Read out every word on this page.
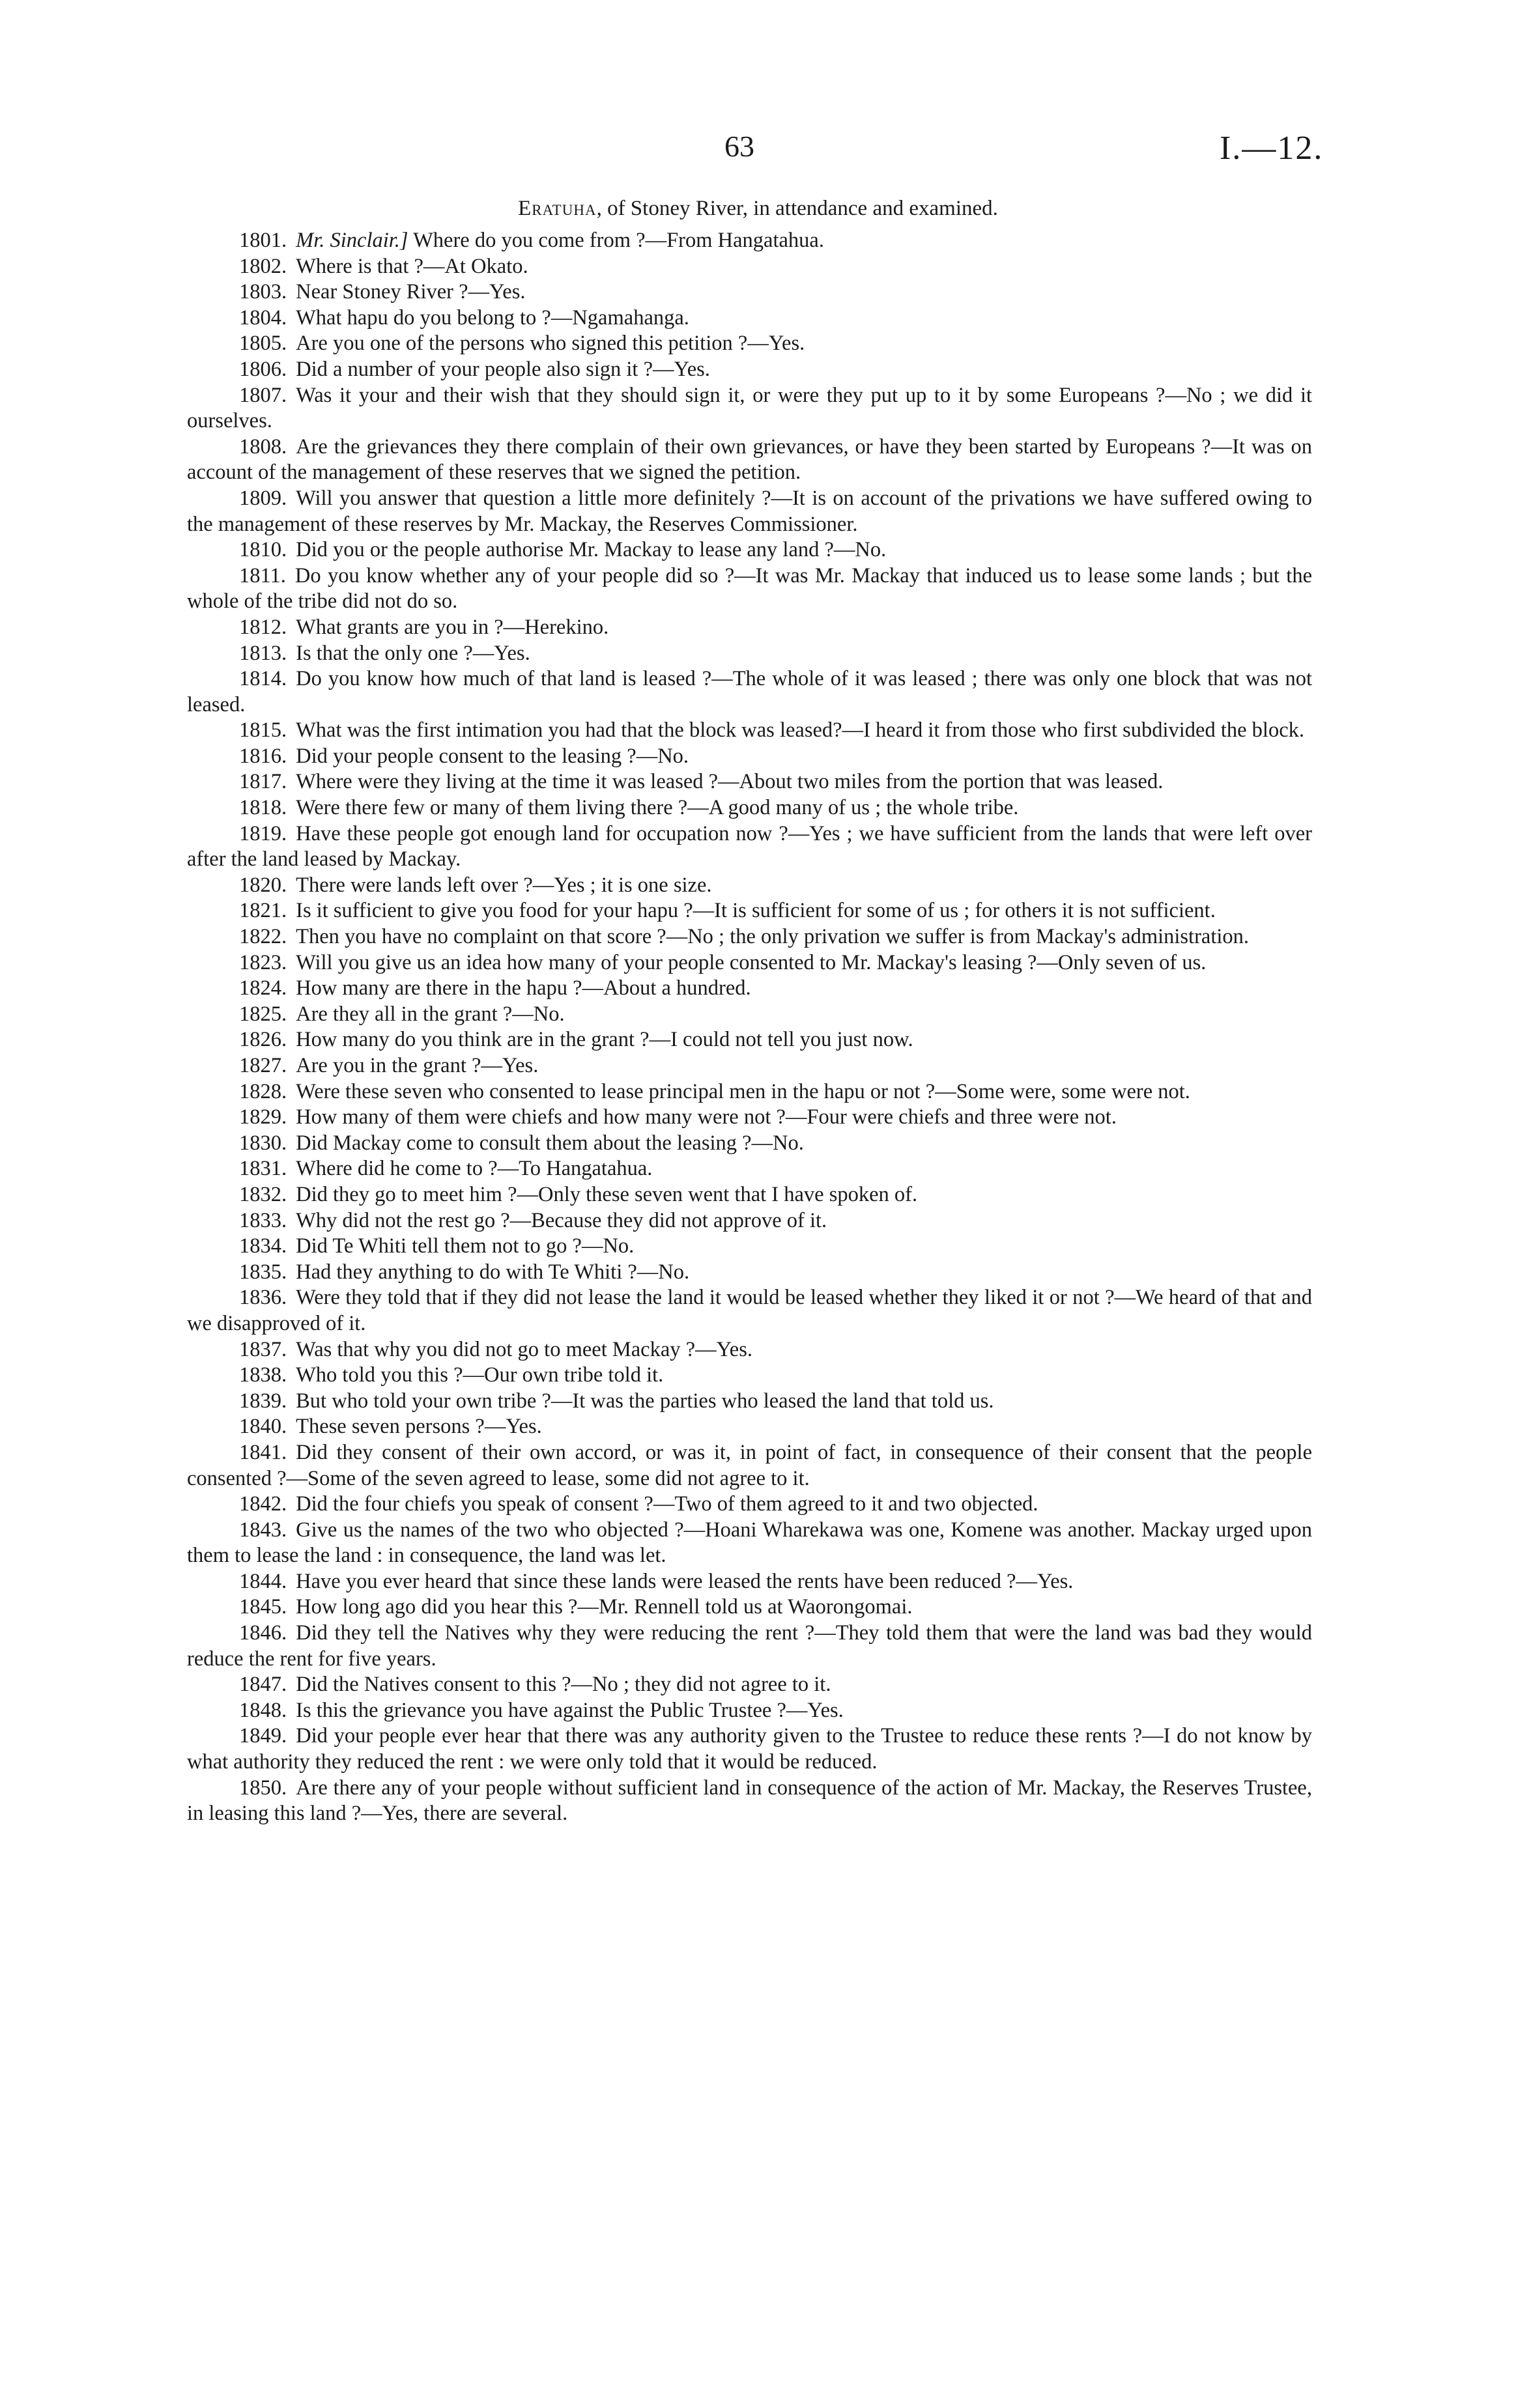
63	I.—12.
Eratuha, of Stoney River, in attendance and examined.

1801. Mr. Sinclair.] Where do you come from ?—From Hangatahua.

1802. Where is that ?—At Okato.

1803. Near Stoney River ?—Yes.

1804. What hapu do you belong to ?—Ngamahanga.

1805. Are you one of the persons who signed this petition ?—Yes.

1806. Did a number of your people also sign it ?—Yes.

1807. Was it your and their wish that they should sign it, or were they put up to it by some Europeans ?—No ; we did it ourselves.

1808. Are the grievances they there complain of their own grievances, or have they been started by Europeans ?—It was on account of the management of these reserves that we signed the petition.

1809. Will you answer that question a little more definitely ?—It is on account of the privations we have suffered owing to the management of these reserves by Mr. Mackay, the Reserves Commissioner.

1810. Did you or the people authorise Mr. Mackay to lease any land ?—No.

1811. Do you know whether any of your people did so ?—It was Mr. Mackay that induced us to lease some lands ; but the whole of the tribe did not do so.

1812. What grants are you in ?—Herekino.

1813. Is that the only one ?—Yes.

1814. Do you know how much of that land is leased ?—The whole of it was leased ; there was only one block that was not leased.

1815. What was the first intimation you had that the block was leased?—I heard it from those who first subdivided the block.

1816. Did your people consent to the leasing ?—No.

1817. Where were they living at the time it was leased ?—About two miles from the portion that was leased.

1818. Were there few or many of them living there ?—A good many of us ; the whole tribe.

1819. Have these people got enough land for occupation now ?—Yes ; we have sufficient from the lands that were left over after the land leased by Mackay.

1820. There were lands left over ?—Yes ; it is one size.

1821. Is it sufficient to give you food for your hapu ?—It is sufficient for some of us ; for others it is not sufficient.

1822. Then you have no complaint on that score ?—No ; the only privation we suffer is from Mackay's administration.

1823. Will you give us an idea how many of your people consented to Mr. Mackay's leasing ?—Only seven of us.

1824. How many are there in the hapu ?—About a hundred.

1825. Are they all in the grant ?—No.

1826. How many do you think are in the grant ?—I could not tell you just now.

1827. Are you in the grant ?—Yes.

1828. Were these seven who consented to lease principal men in the hapu or not ?—Some were, some were not.

1829. How many of them were chiefs and how many were not ?—Four were chiefs and three were not.

1830. Did Mackay come to consult them about the leasing ?—No.

1831. Where did he come to ?—To Hangatahua.

1832. Did they go to meet him ?—Only these seven went that I have spoken of.

1833. Why did not the rest go ?—Because they did not approve of it.

1834. Did Te Whiti tell them not to go ?—No.

1835. Had they anything to do with Te Whiti ?—No.

1836. Were they told that if they did not lease the land it would be leased whether they liked it or not ?—We heard of that and we disapproved of it.

1837. Was that why you did not go to meet Mackay ?—Yes.

1838. Who told you this ?—Our own tribe told it.

1839. But who told your own tribe ?—It was the parties who leased the land that told us.

1840. These seven persons ?—Yes.

1841. Did they consent of their own accord, or was it, in point of fact, in consequence of their consent that the people consented ?—Some of the seven agreed to lease, some did not agree to it.

1842. Did the four chiefs you speak of consent ?—Two of them agreed to it and two objected.

1843. Give us the names of the two who objected ?—Hoani Wharekawa was one, Komene was another. Mackay urged upon them to lease the land : in consequence, the land was let.

1844. Have you ever heard that since these lands were leased the rents have been reduced ?—Yes.

1845. How long ago did you hear this ?—Mr. Rennell told us at Waorongomai.

1846. Did they tell the Natives why they were reducing the rent ?—They told them that were the land was bad they would reduce the rent for five years.

1847. Did the Natives consent to this ?—No ; they did not agree to it.

1848. Is this the grievance you have against the Public Trustee ?—Yes.

1849. Did your people ever hear that there was any authority given to the Trustee to reduce these rents ?—I do not know by what authority they reduced the rent : we were only told that it would be reduced.

1850. Are there any of your people without sufficient land in consequence of the action of Mr. Mackay, the Reserves Trustee, in leasing this land ?—Yes, there are several.
